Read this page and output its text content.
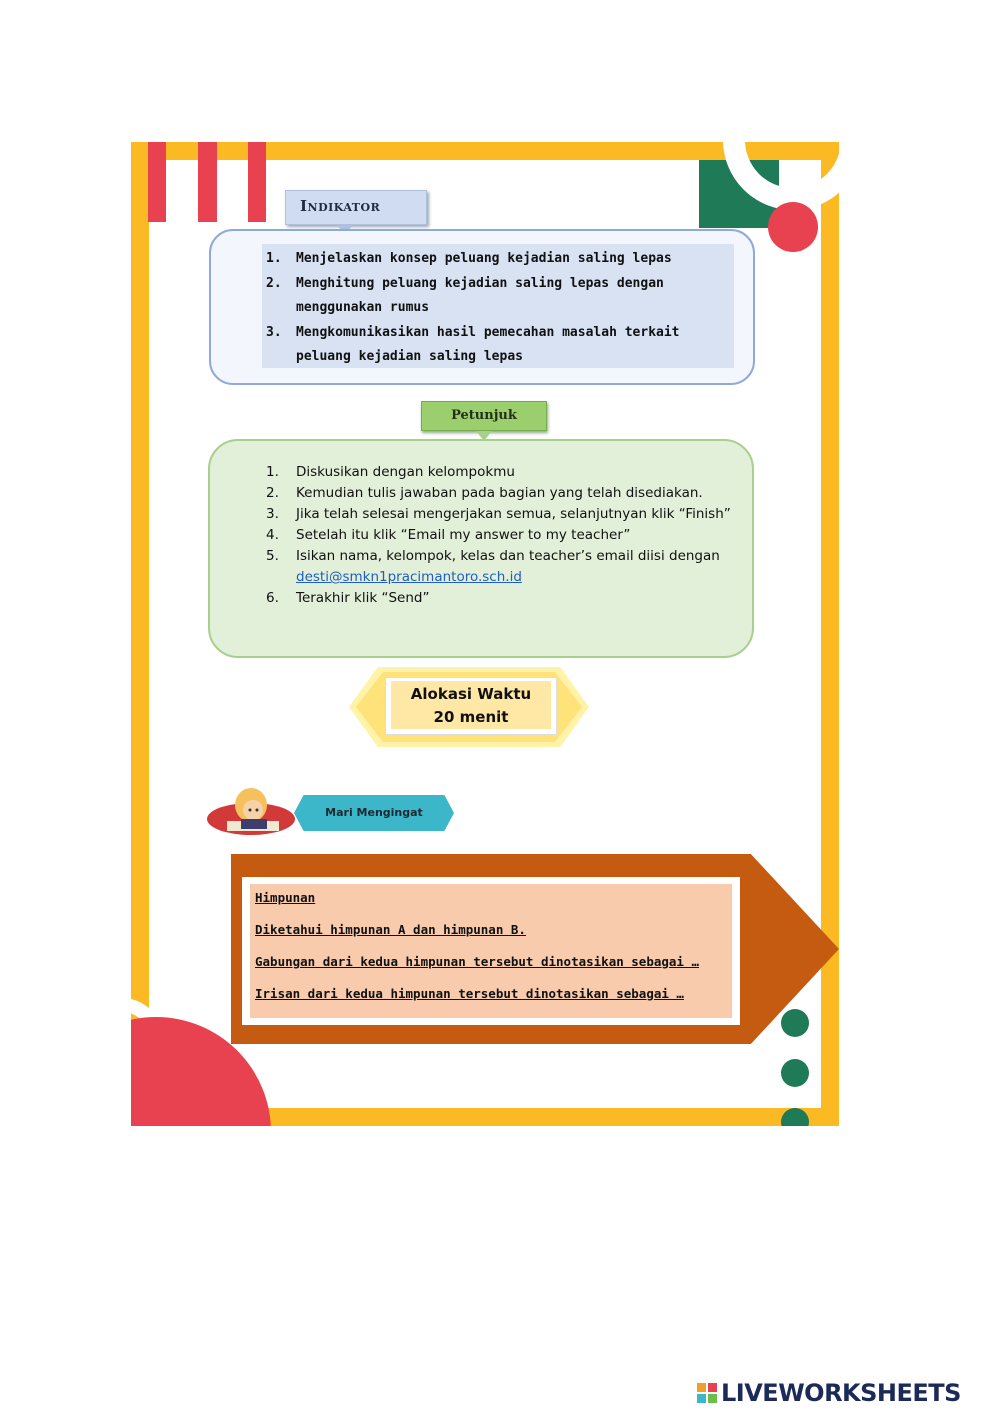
Indikator
1. Menjelaskan konsep peluang kejadian saling lepas
2. Menghitung peluang kejadian saling lepas dengan menggunakan rumus
3. Mengkomunikasikan hasil pemecahan masalah terkait peluang kejadian saling lepas
Petunjuk
1. Diskusikan dengan kelompokmu
2. Kemudian tulis jawaban pada bagian yang telah disediakan.
3. Jika telah selesai mengerjakan semua, selanjutnyan klik “Finish”
4. Setelah itu klik “Email my answer to my teacher”
5. Isikan nama, kelompok, kelas dan teacher’s email diisi dengan
desti@smkn1pracimantoro.sch.id
6. Terakhir klik “Send”
Alokasi Waktu
20 menit
Mari Mengingat
Himpunan
Diketahui himpunan A dan himpunan B.
Gabungan dari kedua himpunan tersebut dinotasikan sebagai …
Irisan dari kedua himpunan tersebut dinotasikan sebagai …
LIVEWORKSHEETS
